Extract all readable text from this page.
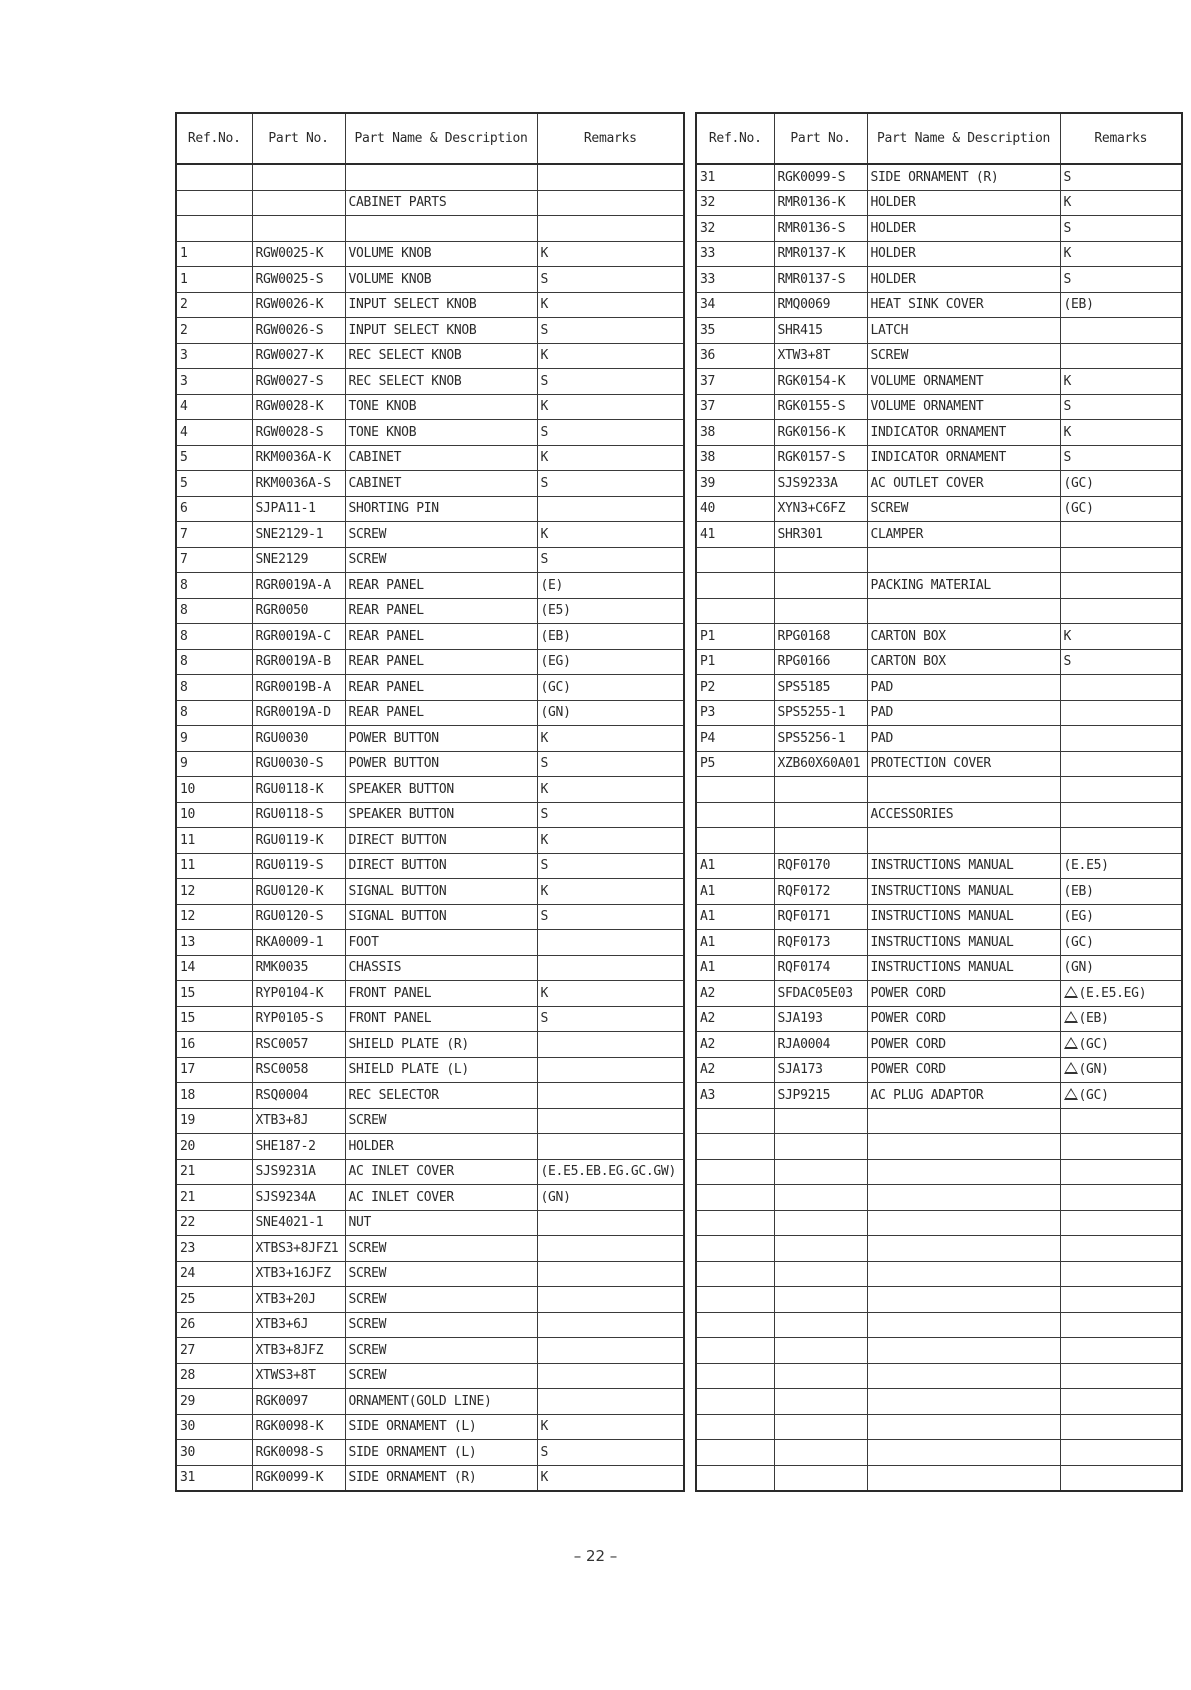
Ref.No.	Part No.	Part Name & Description	Remarks

		CABINET PARTS	

1	RGW0025-K	VOLUME KNOB	K
1	RGW0025-S	VOLUME KNOB	S
2	RGW0026-K	INPUT SELECT KNOB	K
2	RGW0026-S	INPUT SELECT KNOB	S
3	RGW0027-K	REC SELECT KNOB	K
3	RGW0027-S	REC SELECT KNOB	S
4	RGW0028-K	TONE KNOB	K
4	RGW0028-S	TONE KNOB	S
5	RKM0036A-K	CABINET	K
5	RKM0036A-S	CABINET	S
6	SJPA11-1	SHORTING PIN	
7	SNE2129-1	SCREW	K
7	SNE2129	SCREW	S
8	RGR0019A-A	REAR PANEL	(E)
8	RGR0050	REAR PANEL	(E5)
8	RGR0019A-C	REAR PANEL	(EB)
8	RGR0019A-B	REAR PANEL	(EG)
8	RGR0019B-A	REAR PANEL	(GC)
8	RGR0019A-D	REAR PANEL	(GN)
9	RGU0030	POWER BUTTON	K
9	RGU0030-S	POWER BUTTON	S
10	RGU0118-K	SPEAKER BUTTON	K
10	RGU0118-S	SPEAKER BUTTON	S
11	RGU0119-K	DIRECT BUTTON	K
11	RGU0119-S	DIRECT BUTTON	S
12	RGU0120-K	SIGNAL BUTTON	K
12	RGU0120-S	SIGNAL BUTTON	S
13	RKA0009-1	FOOT	
14	RMK0035	CHASSIS	
15	RYP0104-K	FRONT PANEL	K
15	RYP0105-S	FRONT PANEL	S
16	RSC0057	SHIELD PLATE (R)	
17	RSC0058	SHIELD PLATE (L)	
18	RSQ0004	REC SELECTOR	
19	XTB3+8J	SCREW	
20	SHE187-2	HOLDER	
21	SJS9231A	AC INLET COVER	(E.E5.EB.EG.GC.GW)
21	SJS9234A	AC INLET COVER	(GN)
22	SNE4021-1	NUT	
23	XTBS3+8JFZ1	SCREW	
24	XTB3+16JFZ	SCREW	
25	XTB3+20J	SCREW	
26	XTB3+6J	SCREW	
27	XTB3+8JFZ	SCREW	
28	XTWS3+8T	SCREW	
29	RGK0097	ORNAMENT(GOLD LINE)	
30	RGK0098-K	SIDE ORNAMENT (L)	K
30	RGK0098-S	SIDE ORNAMENT (L)	S
31	RGK0099-K	SIDE ORNAMENT (R)	K
Ref.No.	Part No.	Part Name & Description	Remarks
31	RGK0099-S	SIDE ORNAMENT (R)	S
32	RMR0136-K	HOLDER	K
32	RMR0136-S	HOLDER	S
33	RMR0137-K	HOLDER	K
33	RMR0137-S	HOLDER	S
34	RMQ0069	HEAT SINK COVER	(EB)
35	SHR415	LATCH	
36	XTW3+8T	SCREW	
37	RGK0154-K	VOLUME ORNAMENT	K
37	RGK0155-S	VOLUME ORNAMENT	S
38	RGK0156-K	INDICATOR ORNAMENT	K
38	RGK0157-S	INDICATOR ORNAMENT	S
39	SJS9233A	AC OUTLET COVER	(GC)
40	XYN3+C6FZ	SCREW	(GC)
41	SHR301	CLAMPER	

		PACKING MATERIAL	

P1	RPG0168	CARTON BOX	K
P1	RPG0166	CARTON BOX	S
P2	SPS5185	PAD	
P3	SPS5255-1	PAD	
P4	SPS5256-1	PAD	
P5	XZB60X60A01	PROTECTION COVER	

		ACCESSORIES	

A1	RQF0170	INSTRUCTIONS MANUAL	(E.E5)
A1	RQF0172	INSTRUCTIONS MANUAL	(EB)
A1	RQF0171	INSTRUCTIONS MANUAL	(EG)
A1	RQF0173	INSTRUCTIONS MANUAL	(GC)
A1	RQF0174	INSTRUCTIONS MANUAL	(GN)
A2	SFDAC05E03	POWER CORD	(E.E5.EG)
A2	SJA193	POWER CORD	(EB)
A2	RJA0004	POWER CORD	(GC)
A2	SJA173	POWER CORD	(GN)
A3	SJP9215	AC PLUG ADAPTOR	(GC)

– 22 –
